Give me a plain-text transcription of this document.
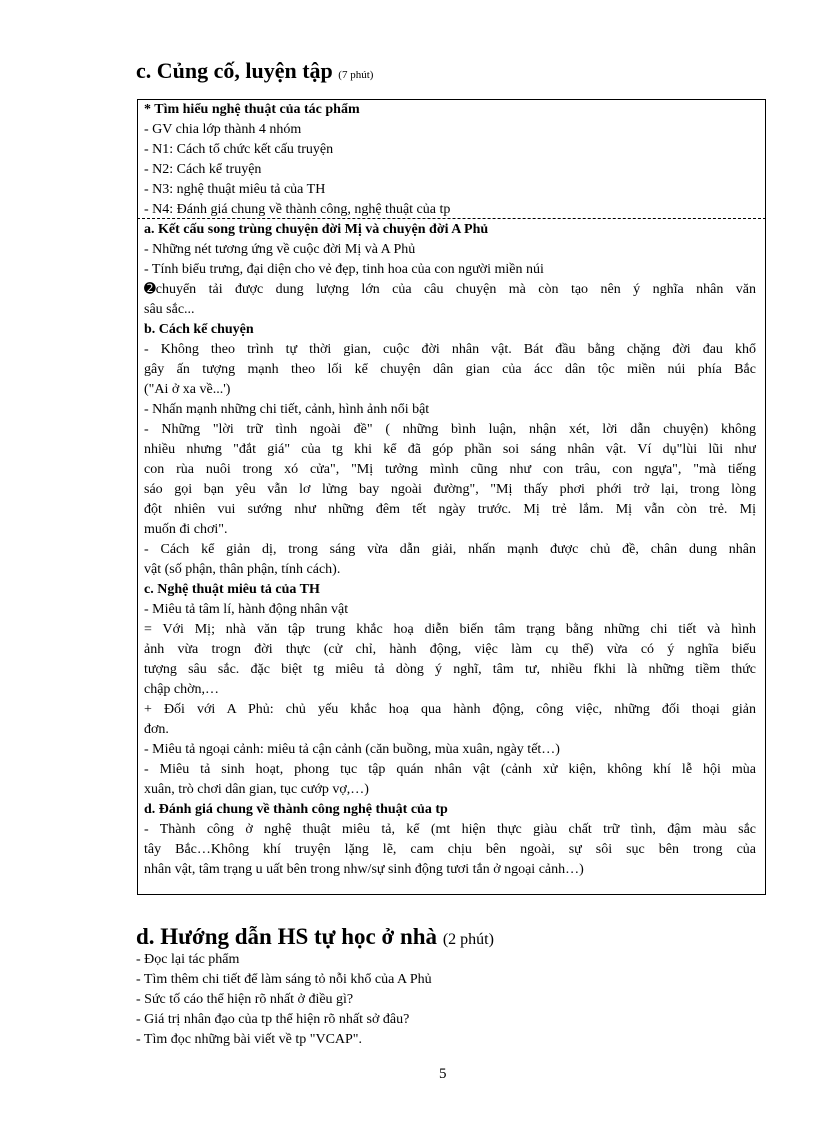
c. Củng cố, luyện tập (7 phút)
* Tìm hiểu nghệ thuật của tác phẩm
- GV chia lớp thành 4 nhóm
- N1: Cách tổ chức kết cấu truyện
- N2: Cách kể truyện
- N3: nghệ thuật miêu tả của TH
- N4: Đánh giá chung về thành công, nghệ thuật của tp
a. Kết cấu song trùng chuyện đời Mị và chuyện đời A Phủ
- Những nét tương ứng về cuộc đời Mị và A Phủ
- Tính biểu trưng, đại diện cho vẻ đẹp, tinh hoa của con người miền núi
➋chuyển tải được dung lượng lớn của câu chuyện mà còn tạo nên ý nghĩa nhân văn
sâu sắc...
b. Cách kể chuyện
- Không theo trình tự thời gian, cuộc đời nhân vật. Bát đầu bằng chặng đời đau khổ
gây ấn tượng mạnh theo lối kể chuyện dân gian của ácc dân tộc miền núi phía Bắc
("Ai ở xa về...')
- Nhấn mạnh những chi tiết, cảnh, hình ảnh nổi bật
- Những "lời trữ tình ngoài đề" ( những bình luận, nhận xét, lời dẫn chuyện) không
nhiều nhưng "đắt giá" của tg khi kể đã góp phần soi sáng nhân vật. Ví dụ"lùi lũi như
con rùa nuôi trong xó cửa", "Mị tưởng mình cũng như con trâu, con ngựa", "mà tiếng
sáo gọi bạn yêu vẫn lơ lửng bay ngoài đường", "Mị thấy phơi phới trở lại, trong lòng
đột nhiên vui sướng như những đêm tết ngày trước. Mị trẻ lắm. Mị vẫn còn trẻ. Mị
muốn đi chơi".
- Cách kể giản dị, trong sáng vừa dẫn giải, nhấn mạnh được chủ đề, chân dung nhân
vật (số phận, thân phận, tính cách).
c. Nghệ thuật miêu tả của TH
- Miêu tả tâm lí, hành động nhân vật
= Với Mị; nhà văn tập trung khắc hoạ diễn biến tâm trạng bằng những chi tiết và hình
ảnh vừa trogn đời thực (cử chỉ, hành động, việc làm cụ thể) vừa có ý nghĩa biểu
tượng sâu sắc. đặc biệt tg miêu tả dòng ý nghĩ, tâm tư, nhiều fkhi là những tiềm thức
chập chờn,…
+ Đối với A Phủ: chủ yếu khắc hoạ qua hành động, công việc, những đối thoại giản
đơn.
- Miêu tả ngoại cảnh: miêu tả cận cảnh (căn buồng, mùa xuân, ngày tết…)
- Miêu tả sinh hoạt, phong tục tập quán nhân vật (cảnh xử kiện, không khí lễ hội mùa
xuân, trò chơi dân gian, tục cướp vợ,…)
d. Đánh giá chung về thành công nghệ thuật của tp
- Thành công ở nghệ thuật miêu tả, kể (mt hiện thực giàu chất trữ tình, đậm màu sắc
tây Bắc…Không khí truyện lặng lẽ, cam chịu bên ngoài, sự sôi sục bên trong của
nhân vật, tâm trạng u uất bên trong nhw/sự sinh động tươi tắn ở ngoại cảnh…)
d. Hướng dẫn HS tự học ở nhà (2 phút)
- Đọc lại tác phẩm
- Tìm thêm chi tiết để làm sáng tỏ nỗi khổ của A Phủ
- Sức tố cáo thể hiện rõ nhất ở điều gì?
- Giá trị nhân đạo của tp thể hiện rõ nhất sở đâu?
- Tìm đọc những bài viết về tp "VCAP".
5
